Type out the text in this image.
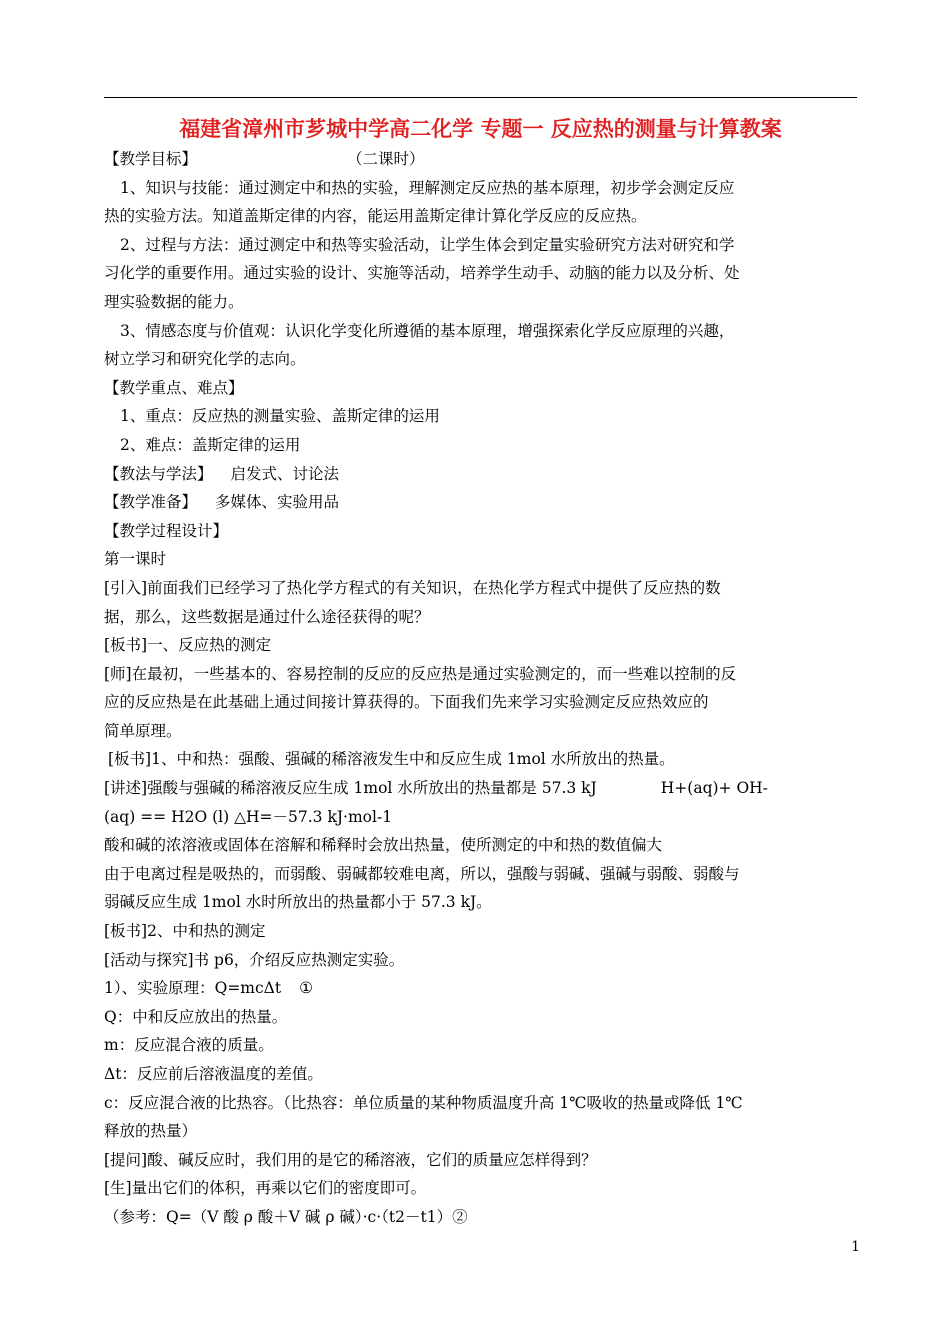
福建省漳州市芗城中学高二化学 专题一 反应热的测量与计算教案
【教学目标】	（二课时）
1、知识与技能：通过测定中和热的实验，理解测定反应热的基本原理，初步学会测定反应
热的实验方法。知道盖斯定律的内容，能运用盖斯定律计算化学反应的反应热。
2、过程与方法：通过测定中和热等实验活动，让学生体会到定量实验研究方法对研究和学
习化学的重要作用。通过实验的设计、实施等活动，培养学生动手、动脑的能力以及分析、处
理实验数据的能力。
3、情感态度与价值观：认识化学变化所遵循的基本原理，增强探索化学反应原理的兴趣，
树立学习和研究化学的志向。
【教学重点、难点】
1、重点：反应热的测量实验、盖斯定律的运用
2、难点：盖斯定律的运用
【教法与学法】 启发式、讨论法
【教学准备】 多媒体、实验用品
【教学过程设计】
第一课时
[引入]前面我们已经学习了热化学方程式的有关知识，在热化学方程式中提供了反应热的数
据，那么，这些数据是通过什么途径获得的呢？
[板书]一、反应热的测定
[师]在最初，一些基本的、容易控制的反应的反应热是通过实验测定的，而一些难以控制的反
应的反应热是在此基础上通过间接计算获得的。下面我们先来学习实验测定反应热效应的
简单原理。
[板书]1、中和热：强酸、强碱的稀溶液发生中和反应生成 1mol 水所放出的热量。
[讲述]强酸与强碱的稀溶液反应生成 1mol 水所放出的热量都是 57.3 kJ	H+(aq)+ OH-
(aq) == H2O (l) △H=－57.3 kJ·mol-1
酸和碱的浓溶液或固体在溶解和稀释时会放出热量，使所测定的中和热的数值偏大
由于电离过程是吸热的，而弱酸、弱碱都较难电离，所以，强酸与弱碱、强碱与弱酸、弱酸与
弱碱反应生成 1mol 水时所放出的热量都小于 57.3 kJ。
[板书]2、中和热的测定
[活动与探究]书 p6，介绍反应热测定实验。
1）、实验原理：Q=mcΔt ①
Q：中和反应放出的热量。
m：反应混合液的质量。
Δt：反应前后溶液温度的差值。
c：反应混合液的比热容。（比热容：单位质量的某种物质温度升高 1℃吸收的热量或降低 1℃
释放的热量）
[提问]酸、碱反应时，我们用的是它的稀溶液，它们的质量应怎样得到？
[生]量出它们的体积，再乘以它们的密度即可。
（参考：Q=（V 酸 ρ 酸＋V 碱 ρ 碱）·c·（t2－t1）②
1
